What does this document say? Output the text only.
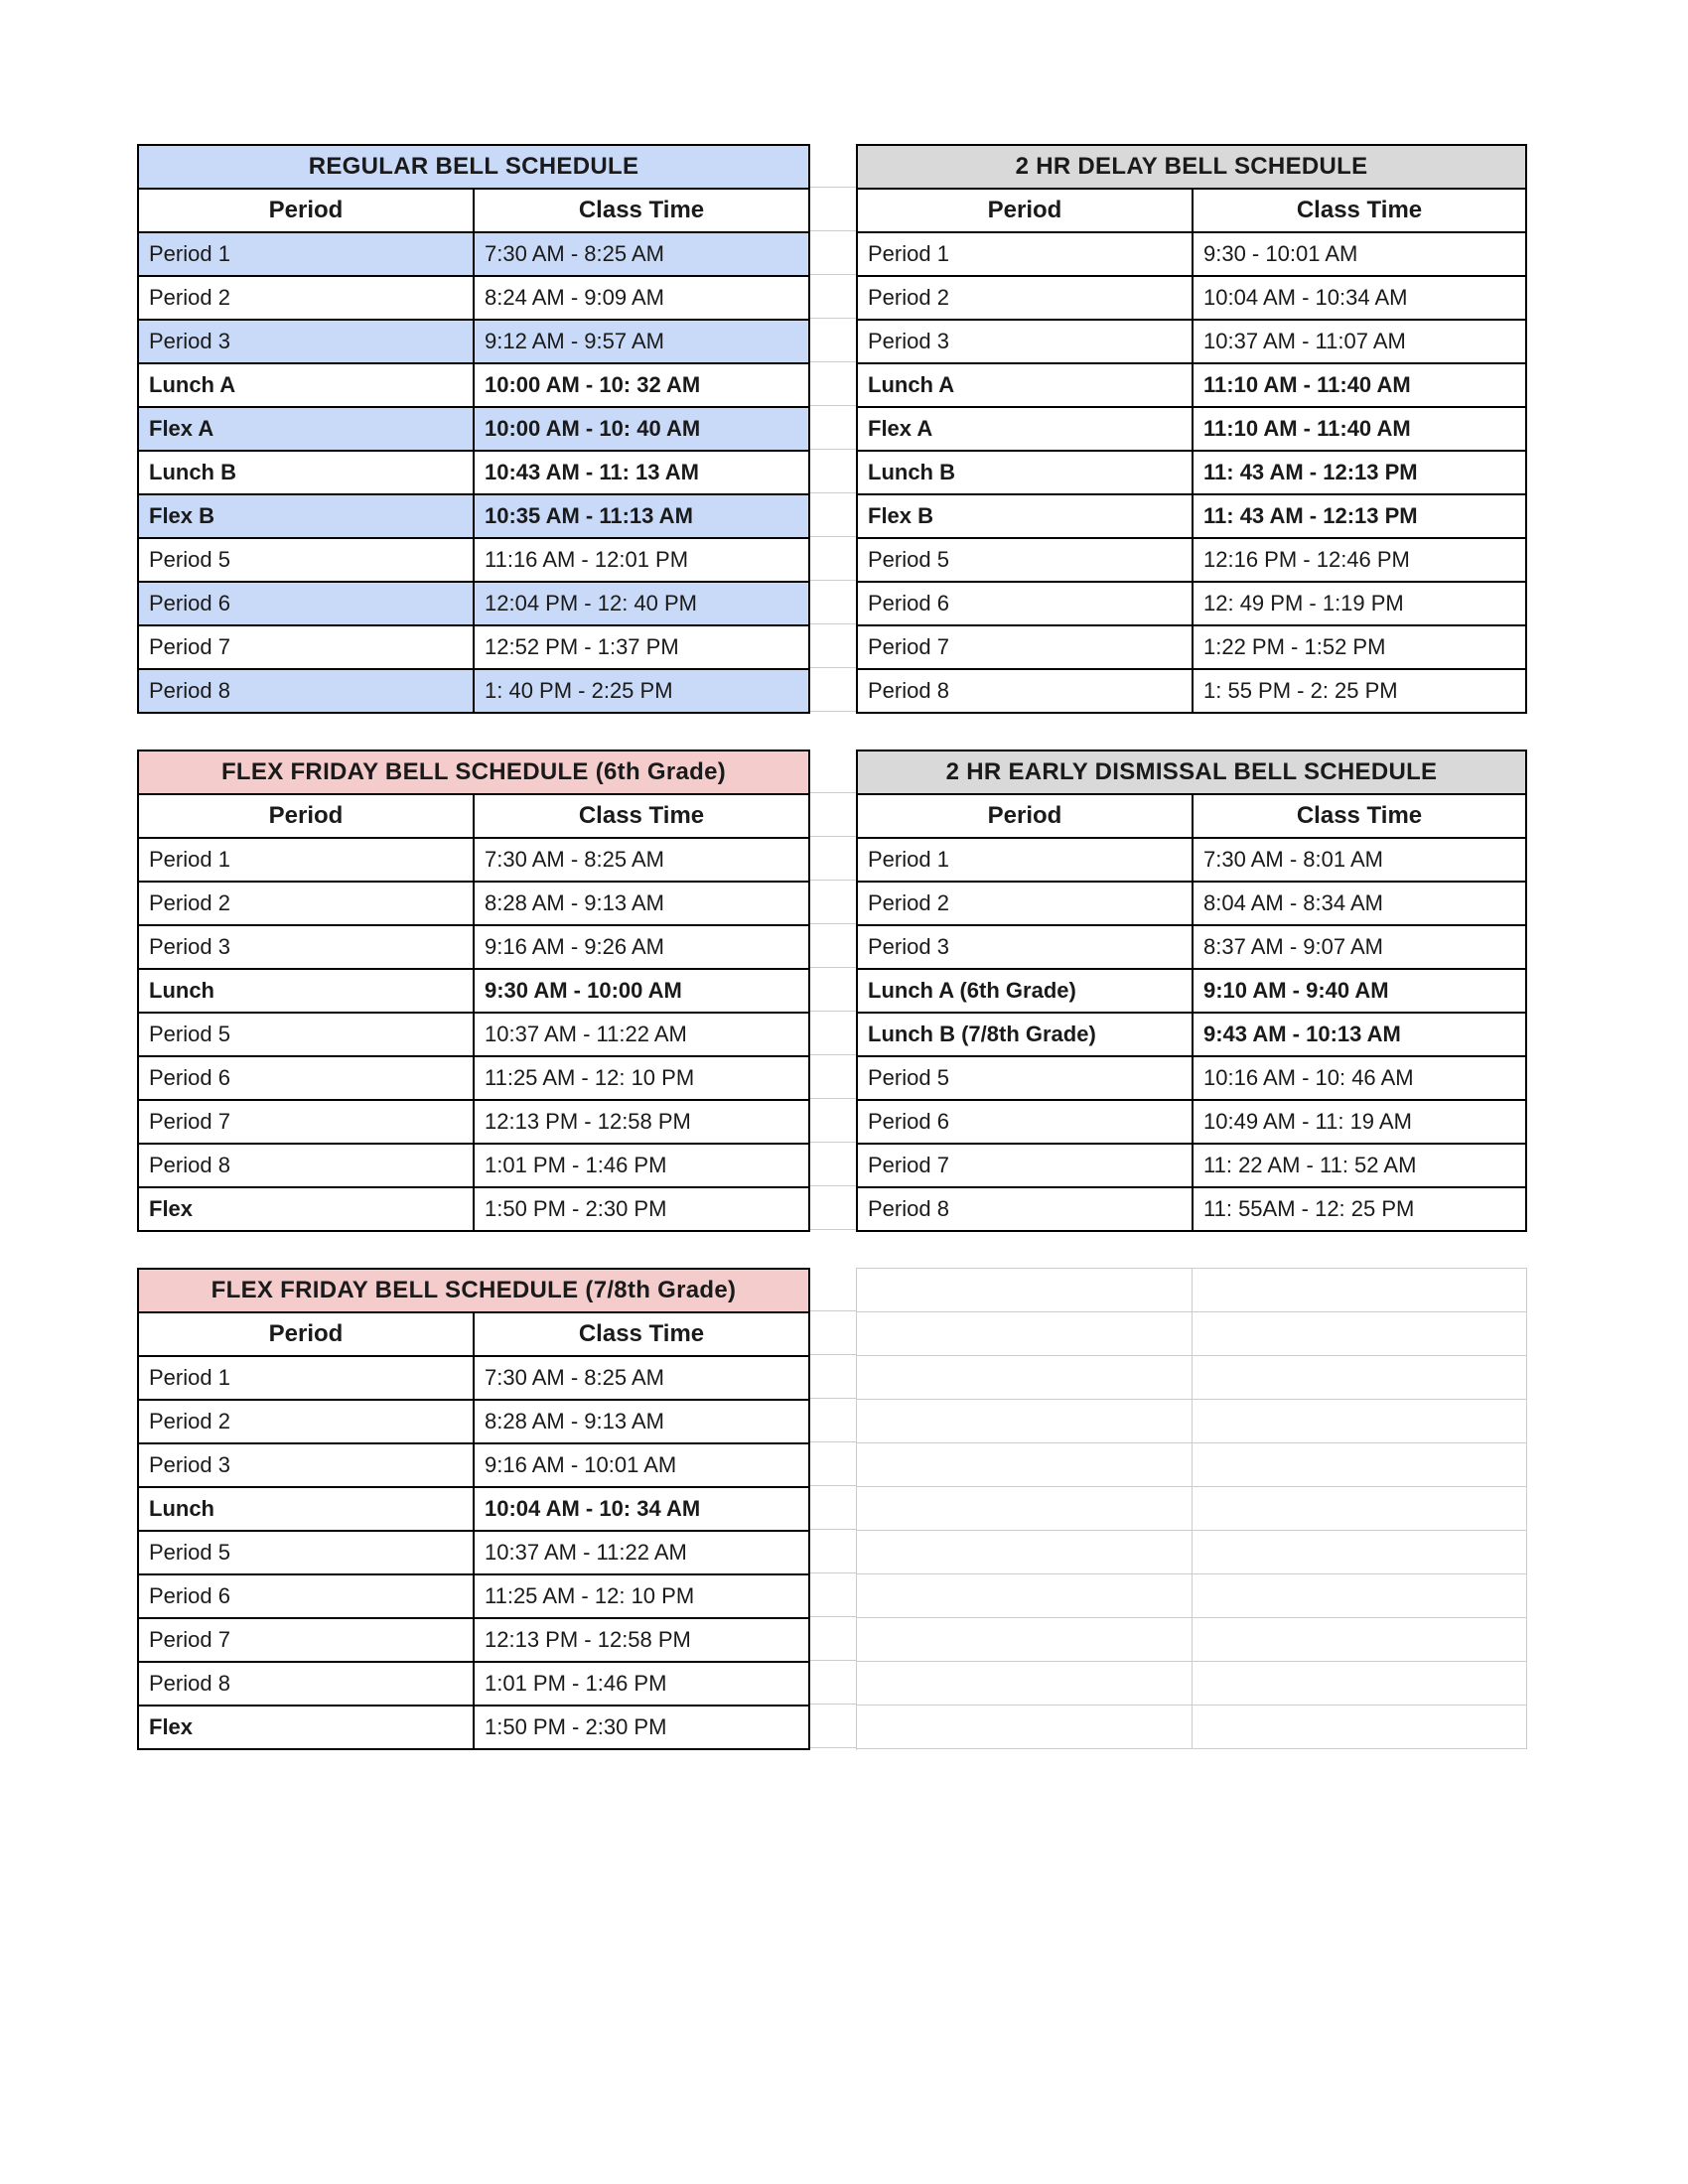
REGULAR BELL SCHEDULE	
Period	Class Time
Period 1	7:30 AM - 8:25 AM
Period 2	8:24 AM - 9:09 AM
Period 3	9:12 AM - 9:57 AM
Lunch A	10:00 AM - 10: 32 AM
Flex A	10:00 AM - 10: 40 AM
Lunch B	10:43 AM - 11: 13 AM
Flex B	10:35 AM - 11:13 AM
Period 5	11:16 AM - 12:01 PM
Period 6	12:04 PM - 12: 40 PM
Period 7	12:52 PM - 1:37 PM
Period 8	1: 40 PM - 2:25 PM
2 HR DELAY BELL SCHEDULE	
Period	Class Time
Period 1	9:30 - 10:01 AM
Period 2	10:04 AM - 10:34 AM
Period 3	10:37 AM - 11:07 AM
Lunch A	11:10 AM - 11:40 AM
Flex A	11:10 AM - 11:40 AM
Lunch B	11: 43 AM - 12:13 PM
Flex B	11: 43 AM - 12:13 PM
Period 5	12:16 PM - 12:46 PM
Period 6	12: 49 PM - 1:19 PM
Period 7	1:22 PM - 1:52 PM
Period 8	1: 55 PM - 2: 25 PM
FLEX FRIDAY BELL SCHEDULE (6th Grade)	
Period	Class Time
Period 1	7:30 AM - 8:25 AM
Period 2	8:28 AM - 9:13 AM
Period 3	9:16 AM - 9:26 AM
Lunch	9:30 AM - 10:00 AM
Period 5	10:37 AM - 11:22 AM
Period 6	11:25 AM - 12: 10 PM
Period 7	12:13 PM - 12:58 PM
Period 8	1:01 PM - 1:46 PM
Flex	1:50 PM - 2:30 PM
2 HR EARLY DISMISSAL BELL SCHEDULE	
Period	Class Time
Period 1	7:30 AM - 8:01 AM
Period 2	8:04 AM - 8:34 AM
Period 3	8:37 AM - 9:07 AM
Lunch A (6th Grade)	9:10 AM - 9:40 AM
Lunch B (7/8th Grade)	9:43 AM - 10:13 AM
Period 5	10:16 AM - 10: 46 AM
Period 6	10:49 AM - 11: 19 AM
Period 7	11: 22 AM - 11: 52 AM
Period 8	11: 55AM - 12: 25 PM
FLEX FRIDAY BELL SCHEDULE (7/8th Grade)	
Period	Class Time
Period 1	7:30 AM - 8:25 AM
Period 2	8:28 AM - 9:13 AM
Period 3	9:16 AM - 10:01 AM
Lunch	10:04 AM - 10: 34 AM
Period 5	10:37 AM - 11:22 AM
Period 6	11:25 AM - 12: 10 PM
Period 7	12:13 PM - 12:58 PM
Period 8	1:01 PM - 1:46 PM
Flex	1:50 PM - 2:30 PM
